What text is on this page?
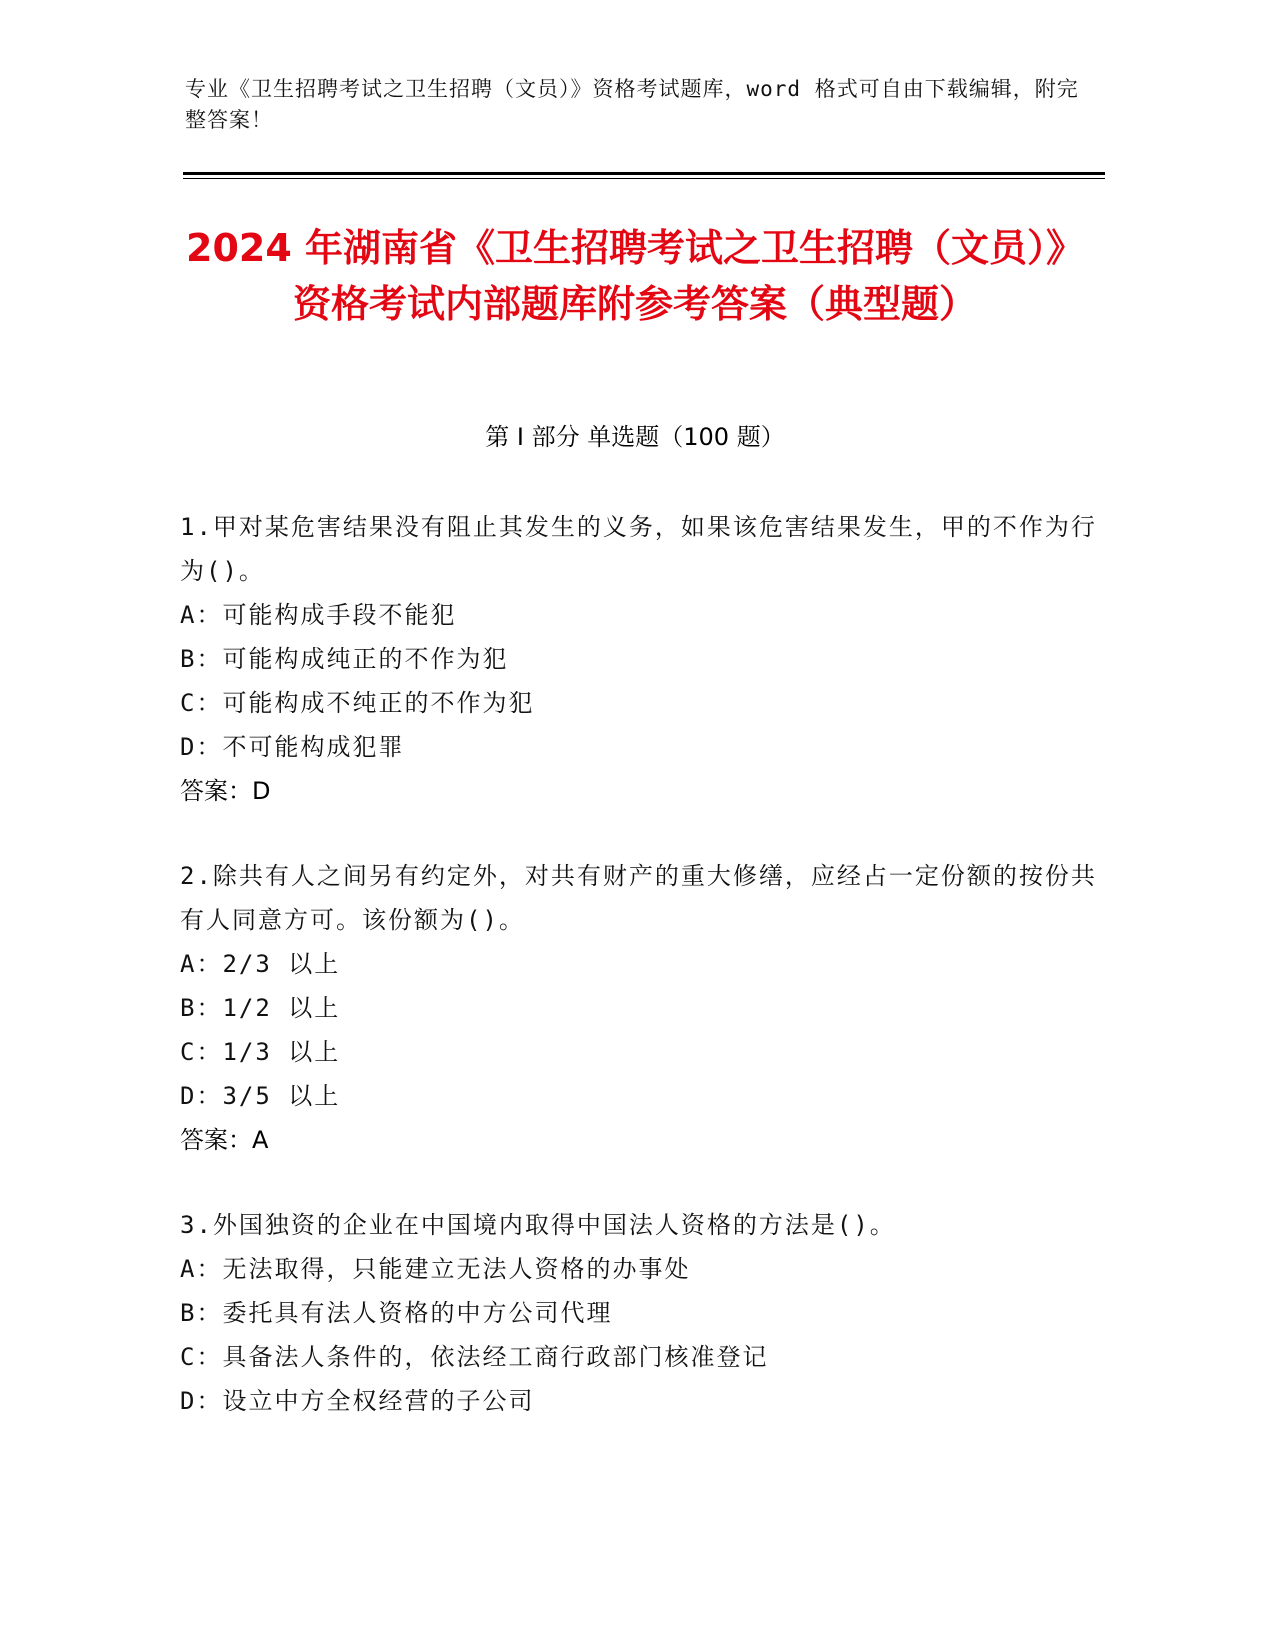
专业《卫生招聘考试之卫生招聘（文员）》资格考试题库，word 格式可自由下载编辑，附完整答案！
2024 年湖南省《卫生招聘考试之卫生招聘（文员）》资格考试内部题库附参考答案（典型题）
第 I 部分 单选题（100 题）
1.甲对某危害结果没有阻止其发生的义务，如果该危害结果发生，甲的不作为行为()。
A：可能构成手段不能犯
B：可能构成纯正的不作为犯
C：可能构成不纯正的不作为犯
D：不可能构成犯罪
答案：D
2.除共有人之间另有约定外，对共有财产的重大修缮，应经占一定份额的按份共有人同意方可。该份额为()。
A：2/3 以上
B：1/2 以上
C：1/3 以上
D：3/5 以上
答案：A
3.外国独资的企业在中国境内取得中国法人资格的方法是()。
A：无法取得，只能建立无法人资格的办事处
B：委托具有法人资格的中方公司代理
C：具备法人条件的，依法经工商行政部门核准登记
D：设立中方全权经营的子公司
